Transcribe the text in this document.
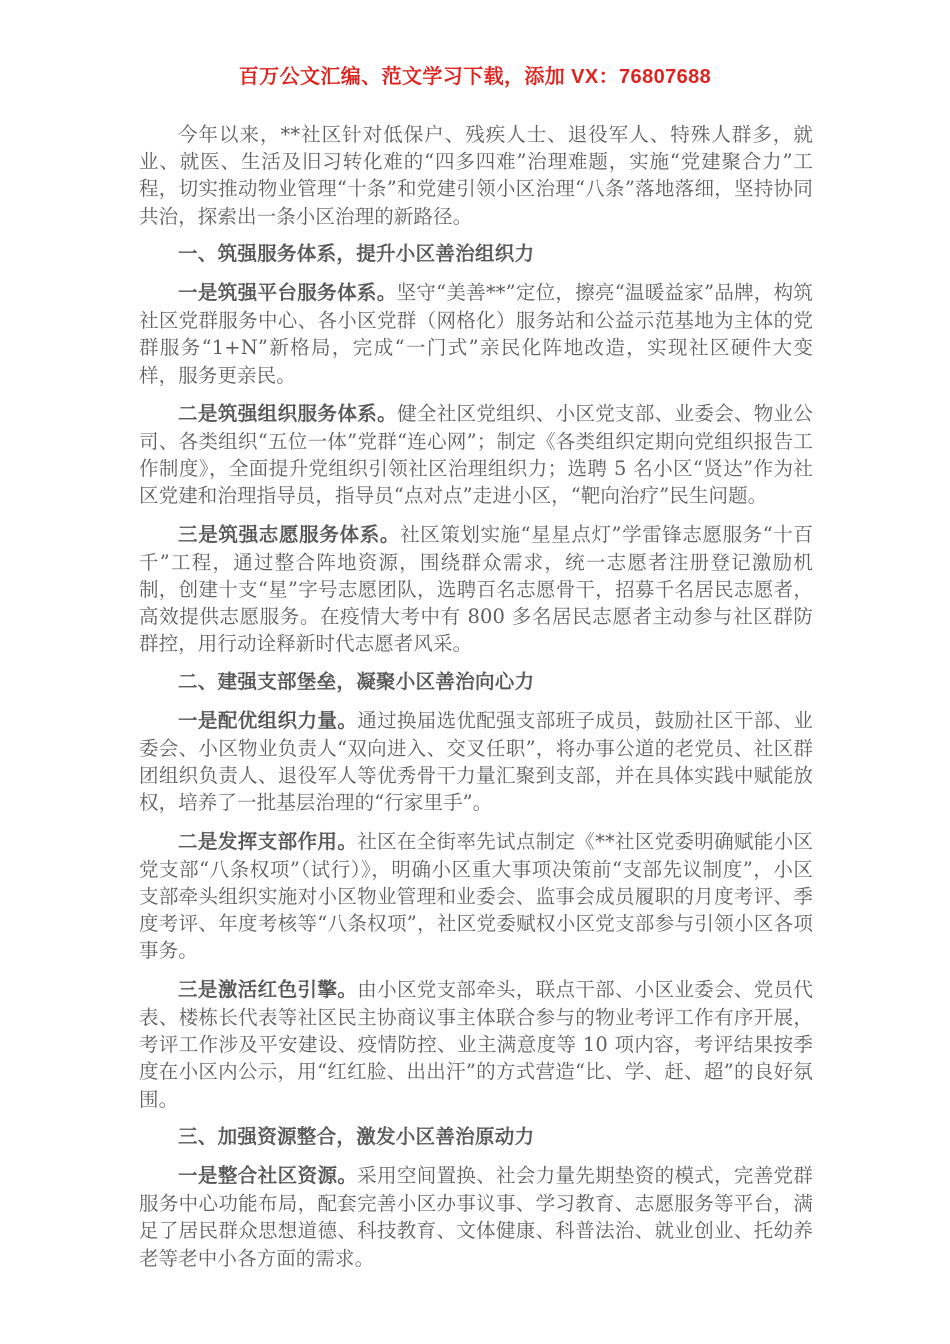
百万公文汇编、范文学习下载，添加 VX：76807688

今年以来，**社区针对低保户、残疾人士、退役军人、特殊人群多，就业、就医、生活及旧习转化难的“四多四难”治理难题，实施“党建聚合力”工程，切实推动物业管理“十条”和党建引领小区治理“八条”落地落细，坚持协同共治，探索出一条小区治理的新路径。

一、筑强服务体系，提升小区善治组织力

一是筑强平台服务体系。坚守“美善**”定位，擦亮“温暖益家”品牌，构筑社区党群服务中心、各小区党群（网格化）服务站和公益示范基地为主体的党群服务“1+N”新格局，完成“一门式”亲民化阵地改造，实现社区硬件大变样，服务更亲民。

二是筑强组织服务体系。健全社区党组织、小区党支部、业委会、物业公司、各类组织“五位一体”党群“连心网”；制定《各类组织定期向党组织报告工作制度》，全面提升党组织引领社区治理组织力；选聘 5 名小区“贤达”作为社区党建和治理指导员，指导员“点对点”走进小区，“靶向治疗”民生问题。

三是筑强志愿服务体系。社区策划实施“星星点灯”学雷锋志愿服务“十百千”工程，通过整合阵地资源，围绕群众需求，统一志愿者注册登记激励机制，创建十支“星”字号志愿团队，选聘百名志愿骨干，招募千名居民志愿者，高效提供志愿服务。在疫情大考中有 800 多名居民志愿者主动参与社区群防群控，用行动诠释新时代志愿者风采。

二、建强支部堡垒，凝聚小区善治向心力

一是配优组织力量。通过换届选优配强支部班子成员，鼓励社区干部、业委会、小区物业负责人“双向进入、交叉任职”，将办事公道的老党员、社区群团组织负责人、退役军人等优秀骨干力量汇聚到支部，并在具体实践中赋能放权，培养了一批基层治理的“行家里手”。

二是发挥支部作用。社区在全街率先试点制定《**社区党委明确赋能小区党支部“八条权项”（试行）》，明确小区重大事项决策前“支部先议制度”，小区支部牵头组织实施对小区物业管理和业委会、监事会成员履职的月度考评、季度考评、年度考核等“八条权项”，社区党委赋权小区党支部参与引领小区各项事务。

三是激活红色引擎。由小区党支部牵头，联点干部、小区业委会、党员代表、楼栋长代表等社区民主协商议事主体联合参与的物业考评工作有序开展，考评工作涉及平安建设、疫情防控、业主满意度等 10 项内容，考评结果按季度在小区内公示，用“红红脸、出出汗”的方式营造“比、学、赶、超”的良好氛围。

三、加强资源整合，激发小区善治原动力

一是整合社区资源。采用空间置换、社会力量先期垫资的模式，完善党群服务中心功能布局，配套完善小区办事议事、学习教育、志愿服务等平台，满足了居民群众思想道德、科技教育、文体健康、科普法治、就业创业、托幼养老等老中小各方面的需求。
